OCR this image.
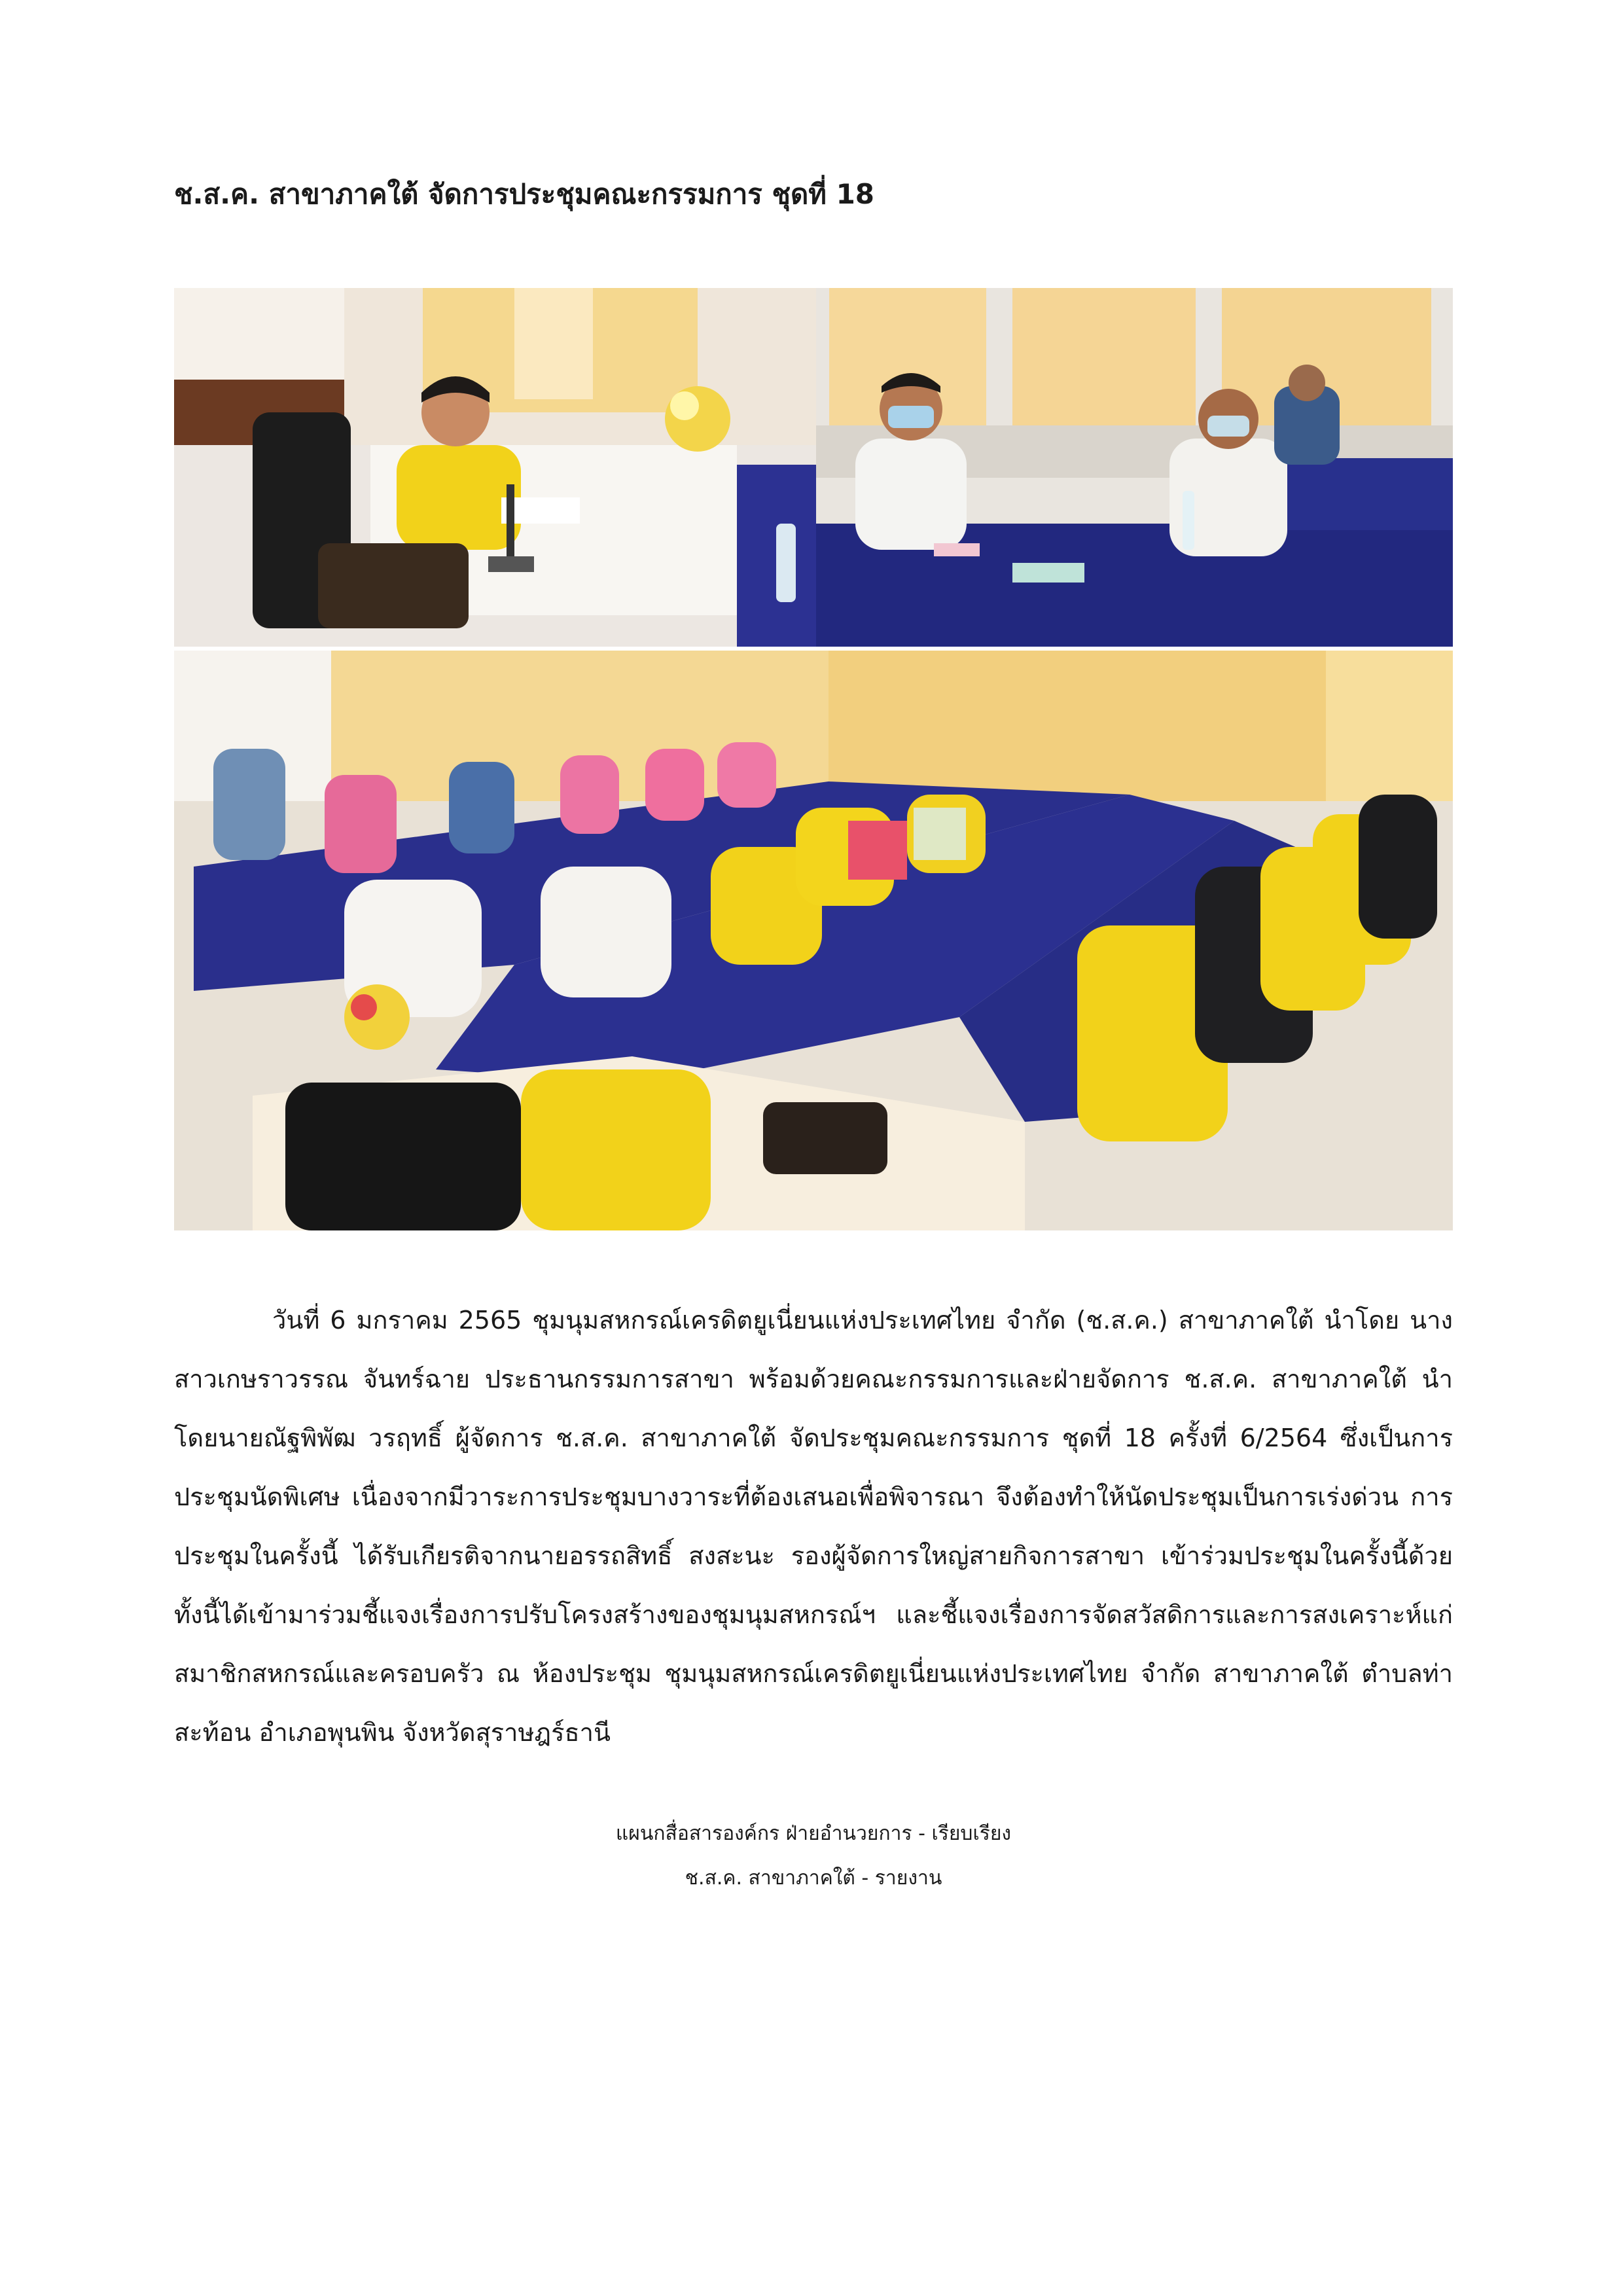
ช.ส.ค. สาขาภาคใต้ จัดการประชุมคณะกรรมการ ชุดที่ 18

วันที่ 6 มกราคม 2565 ชุมนุมสหกรณ์เครดิตยูเนี่ยนแห่งประเทศไทย จำกัด (ช.ส.ค.) สาขาภาคใต้ นำโดย นางสาวเกษราวรรณ จันทร์ฉาย ประธานกรรมการสาขา พร้อมด้วยคณะกรรมการและฝ่ายจัดการ ช.ส.ค. สาขาภาคใต้ นำโดยนายณัฐพิพัฒ วรฤทธิ์ ผู้จัดการ ช.ส.ค. สาขาภาคใต้ จัดประชุมคณะกรรมการ ชุดที่ 18 ครั้งที่ 6/2564 ซึ่งเป็นการประชุมนัดพิเศษ เนื่องจากมีวาระการประชุมบางวาระที่ต้องเสนอเพื่อพิจารณา จึงต้องทำให้นัดประชุมเป็นการเร่งด่วน การประชุมในครั้งนี้ ได้รับเกียรติจากนายอรรถสิทธิ์ สงสะนะ รองผู้จัดการใหญ่สายกิจการสาขา เข้าร่วมประชุมในครั้งนี้ด้วย ทั้งนี้ได้เข้ามาร่วมชี้แจงเรื่องการปรับโครงสร้างของชุมนุมสหกรณ์ฯ และชี้แจงเรื่องการจัดสวัสดิการและการสงเคราะห์แก่สมาชิกสหกรณ์และครอบครัว ณ ห้องประชุม ชุมนุมสหกรณ์เครดิตยูเนี่ยนแห่งประเทศไทย จำกัด สาขาภาคใต้ ตำบลท่าสะท้อน อำเภอพุนพิน จังหวัดสุราษฎร์ธานี

แผนกสื่อสารองค์กร ฝ่ายอำนวยการ - เรียบเรียง
ช.ส.ค. สาขาภาคใต้ - รายงาน
